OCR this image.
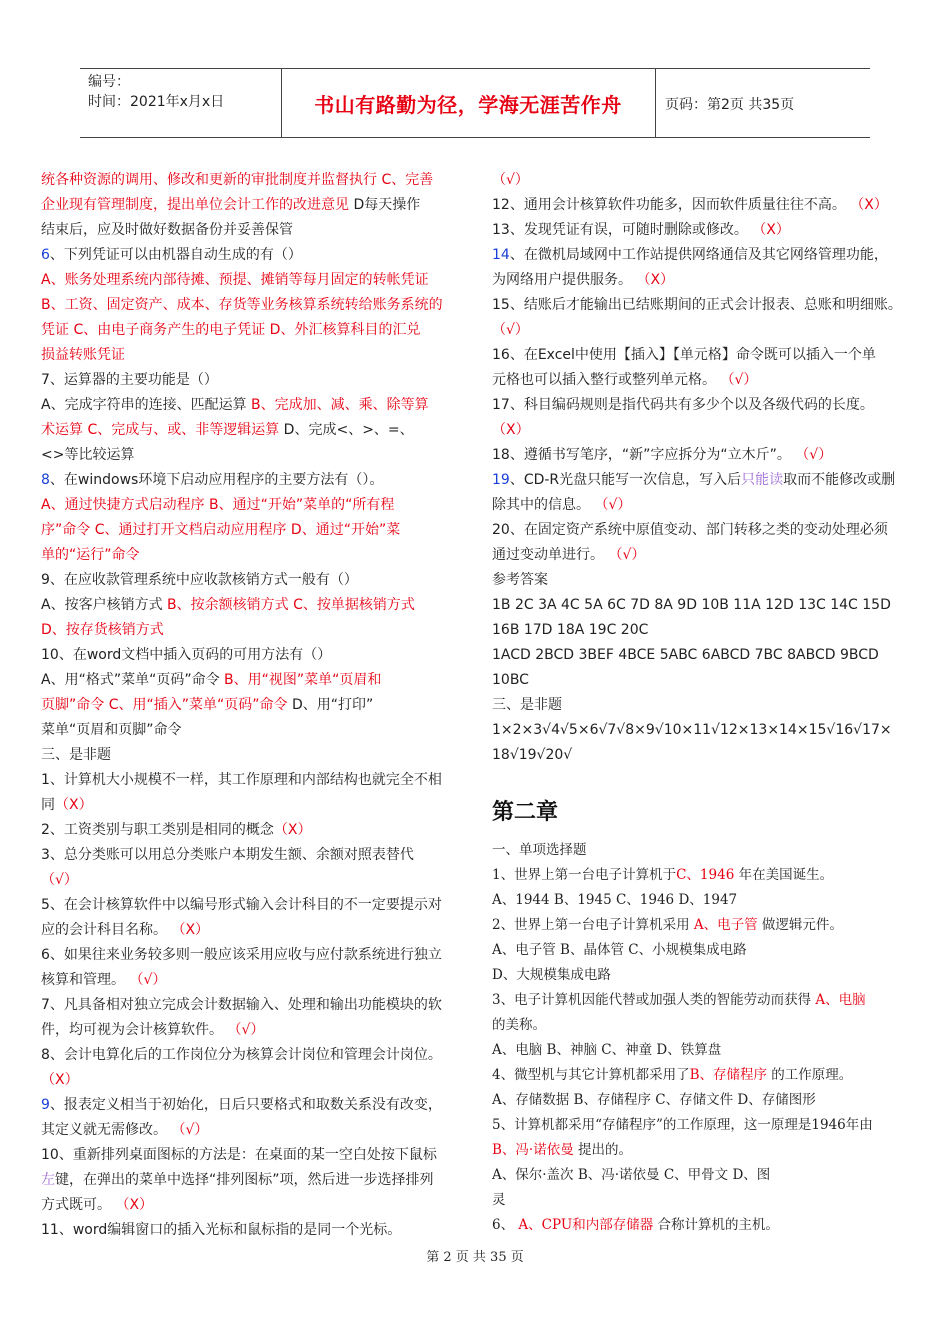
编号：
时间：2021年x月x日	书山有路勤为径，学海无涯苦作舟	页码：第2页 共35页

统各种资源的调用、修改和更新的审批制度并监督执行 C、完善

企业现有管理制度，提出单位会计工作的改进意见 D每天操作

结束后，应及时做好数据备份并妥善保管

6、下列凭证可以由机器自动生成的有（）

A、账务处理系统内部待摊、预提、摊销等每月固定的转帐凭证

B、工资、固定资产、成本、存货等业务核算系统转给账务系统的

凭证 C、由电子商务产生的电子凭证 D、外汇核算科目的汇兑

损益转账凭证

7、运算器的主要功能是（）

A、完成字符串的连接、匹配运算 B、完成加、减、乘、除等算

术运算 C、完成与、或、非等逻辑运算 D、完成<、>、=、

<>等比较运算

8、在windows环境下启动应用程序的主要方法有（）。

A、通过快捷方式启动程序 B、通过“开始”菜单的“所有程

序”命令 C、通过打开文档启动应用程序 D、通过“开始”菜

单的“运行”命令

9、在应收款管理系统中应收款核销方式一般有（）

A、按客户核销方式 B、按余额核销方式 C、按单据核销方式

D、按存货核销方式

10、在word文档中插入页码的可用方法有（）

A、用“格式”菜单“页码”命令 B、用“视图”菜单“页眉和

页脚”命令 C、用“插入”菜单“页码”命令 D、用“打印”

菜单“页眉和页脚”命令

三、是非题

1、计算机大小规模不一样，其工作原理和内部结构也就完全不相

同（X）

2、工资类别与职工类别是相同的概念（X）

3、总分类账可以用总分类账户本期发生额、余额对照表替代

（√）

5、在会计核算软件中以编号形式输入会计科目的不一定要提示对

应的会计科目名称。 （X）

6、如果往来业务较多则一般应该采用应收与应付款系统进行独立

核算和管理。 （√）

7、凡具备相对独立完成会计数据输入、处理和输出功能模块的软

件，均可视为会计核算软件。 （√）

8、会计电算化后的工作岗位分为核算会计岗位和管理会计岗位。

（X）

9、报表定义相当于初始化，日后只要格式和取数关系没有改变，

其定义就无需修改。 （√）

10、重新排列桌面图标的方法是：在桌面的某一空白处按下鼠标

左键，在弹出的菜单中选择“排列图标”项，然后进一步选择排列

方式既可。 （X）

11、word编辑窗口的插入光标和鼠标指的是同一个光标。

（√）

12、通用会计核算软件功能多，因而软件质量往往不高。 （X）

13、发现凭证有误，可随时删除或修改。 （X）

14、在微机局域网中工作站提供网络通信及其它网络管理功能，

为网络用户提供服务。 （X）

15、结账后才能输出已结账期间的正式会计报表、总账和明细账。

（√）

16、在Excel中使用【插入】【单元格】命令既可以插入一个单

元格也可以插入整行或整列单元格。 （√）

17、科目编码规则是指代码共有多少个以及各级代码的长度。

（X）

18、遵循书写笔序，“新”字应拆分为“立木斤”。 （√）

19、CD-R光盘只能写一次信息，写入后只能读取而不能修改或删

除其中的信息。 （√）

20、在固定资产系统中原值变动、部门转移之类的变动处理必须

通过变动单进行。 （√）

参考答案

1B 2C 3A 4C 5A 6C 7D 8A 9D 10B 11A 12D 13C 14C 15D

16B 17D 18A 19C 20C

1ACD 2BCD 3BEF 4BCE 5ABC 6ABCD 7BC 8ABCD 9BCD

10BC

三、是非题

1×2×3√4√5×6√7√8×9√10×11√12×13×14×15√16√17×

18√19√20√

第二章

一、单项选择题

1、世界上第一台电子计算机于C、1946 年在美国诞生。

A、1944 B、1945 C、1946 D、1947

2、世界上第一台电子计算机采用 A、电子管 做逻辑元件。

A、电子管 B、晶体管 C、小规模集成电路

D、大规模集成电路

3、电子计算机因能代替或加强人类的智能劳动而获得 A、电脑

的美称。

A、电脑 B、神脑 C、神童 D、铁算盘

4、微型机与其它计算机都采用了B、存储程序 的工作原理。

A、存储数据 B、存储程序 C、存储文件 D、存储图形

5、计算机都采用“存储程序”的工作原理，这一原理是1946年由

B、冯·诺依曼 提出的。

A、保尔·盖次 B、冯·诺依曼 C、甲骨文 D、图

灵

6、 A、CPU和内部存储器 合称计算机的主机。

第 2 页 共 35 页
